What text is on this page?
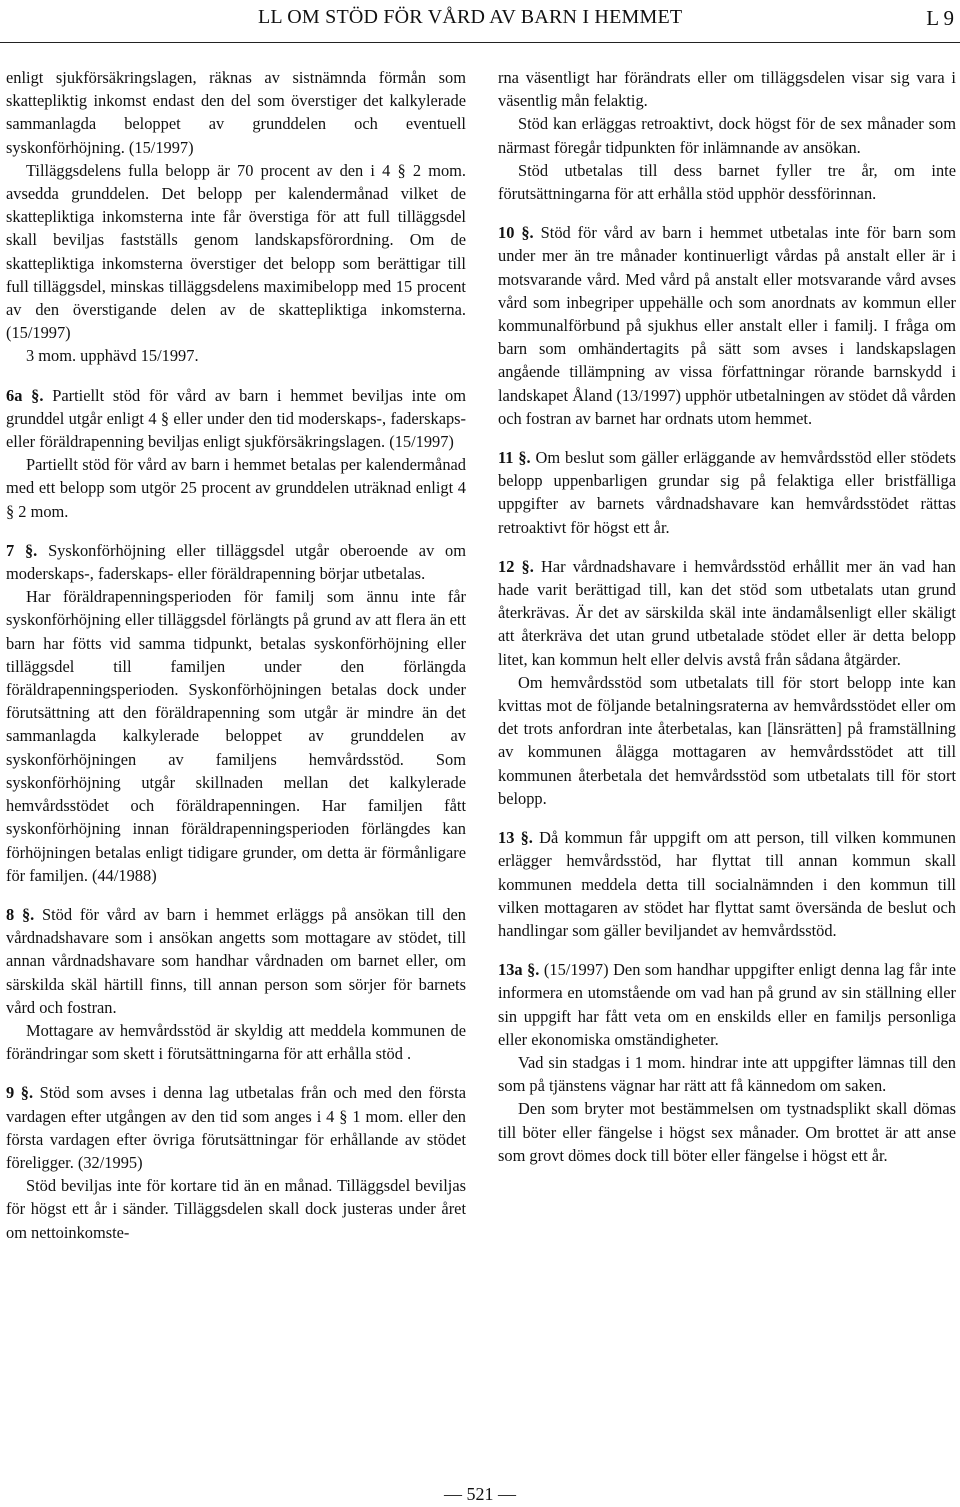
LL OM STÖD FÖR VÅRD AV BARN I HEMMET	L 9

enligt sjukförsäkringslagen, räknas av sistnämnda förmån som skattepliktig inkomst endast den del som överstiger det kalkylerade sammanlagda beloppet av grunddelen och eventuell syskonförhöjning. (15/1997)

Tilläggsdelens fulla belopp är 70 procent av den i 4 § 2 mom. avsedda grunddelen. Det belopp per kalendermånad vilket de skattepliktiga inkomsterna inte får överstiga för att full tilläggsdel skall beviljas fastställs genom landskapsförordning. Om de skattepliktiga inkomsterna överstiger det belopp som berättigar till full tilläggsdel, minskas tilläggsdelens maximibelopp med 15 procent av den överstigande delen av de skattepliktiga inkomsterna. (15/1997)

3 mom. upphävd 15/1997.

6a §. Partiellt stöd för vård av barn i hemmet beviljas inte om grunddel utgår enligt 4 § eller under den tid moderskaps-, faderskaps- eller föräldrapenning beviljas enligt sjukförsäkringslagen. (15/1997)

Partiellt stöd för vård av barn i hemmet betalas per kalendermånad med ett belopp som utgör 25 procent av grunddelen uträknad enligt 4 § 2 mom.

7 §. Syskonförhöjning eller tilläggsdel utgår oberoende av om moderskaps-, faderskaps- eller föräldrapenning börjar utbetalas.

Har föräldrapenningsperioden för familj som ännu inte får syskonförhöjning eller tilläggsdel förlängts på grund av att flera än ett barn har fötts vid samma tidpunkt, betalas syskonförhöjning eller tilläggsdel till familjen under den förlängda föräldrapenningsperioden. Syskonförhöjningen betalas dock under förutsättning att den föräldrapenning som utgår är mindre än det sammanlagda kalkylerade beloppet av grunddelen av syskonförhöjningen av familjens hemvårdsstöd. Som syskonförhöjning utgår skillnaden mellan det kalkylerade hemvårdsstödet och föräldrapenningen. Har familjen fått syskonförhöjning innan föräldrapenningsperioden förlängdes kan förhöjningen betalas enligt tidigare grunder, om detta är förmånligare för familjen. (44/1988)

8 §. Stöd för vård av barn i hemmet erläggs på ansökan till den vårdnadshavare som i ansökan angetts som mottagare av stödet, till annan vårdnadshavare som handhar vårdnaden om barnet eller, om särskilda skäl härtill finns, till annan person som sörjer för barnets vård och fostran.

Mottagare av hemvårdsstöd är skyldig att meddela kommunen de förändringar som skett i förutsättningarna för att erhålla stöd .

9 §. Stöd som avses i denna lag utbetalas från och med den första vardagen efter utgången av den tid som anges i 4 § 1 mom. eller den första vardagen efter övriga förutsättningar för erhållande av stödet föreligger. (32/1995)

Stöd beviljas inte för kortare tid än en månad. Tilläggsdel beviljas för högst ett år i sänder. Tilläggsdelen skall dock justeras under året om nettoinkomste-

rna väsentligt har förändrats eller om tilläggsdelen visar sig vara i väsentlig mån felaktig.

Stöd kan erläggas retroaktivt, dock högst för de sex månader som närmast föregår tidpunkten för inlämnande av ansökan.

Stöd utbetalas till dess barnet fyller tre år, om inte förutsättningarna för att erhålla stöd upphör dessförinnan.

10 §. Stöd för vård av barn i hemmet utbetalas inte för barn som under mer än tre månader kontinuerligt vårdas på anstalt eller är i motsvarande vård. Med vård på anstalt eller motsvarande vård avses vård som inbegriper uppehälle och som anordnats av kommun eller kommunalförbund på sjukhus eller anstalt eller i familj. I fråga om barn som omhändertagits på sätt som avses i landskapslagen angående tillämpning av vissa författningar rörande barnskydd i landskapet Åland (13/1997) upphör utbetalningen av stödet då vården och fostran av barnet har ordnats utom hemmet.

11 §. Om beslut som gäller erläggande av hemvårdsstöd eller stödets belopp uppenbarligen grundar sig på felaktiga eller bristfälliga uppgifter av barnets vårdnadshavare kan hemvårdsstödet rättas retroaktivt för högst ett år.

12 §. Har vårdnadshavare i hemvårdsstöd erhållit mer än vad han hade varit berättigad till, kan det stöd som utbetalats utan grund återkrävas. Är det av särskilda skäl inte ändamålsenligt eller skäligt att återkräva det utan grund utbetalade stödet eller är detta belopp litet, kan kommun helt eller delvis avstå från sådana åtgärder.

Om hemvårdsstöd som utbetalats till för stort belopp inte kan kvittas mot de följande betalningsraterna av hemvårdsstödet eller om det trots anfordran inte återbetalas, kan [länsrätten] på framställning av kommunen ålägga mottagaren av hemvårdsstödet att till kommunen återbetala det hemvårdsstöd som utbetalats till för stort belopp.

13 §. Då kommun får uppgift om att person, till vilken kommunen erlägger hemvårdsstöd, har flyttat till annan kommun skall kommunen meddela detta till socialnämnden i den kommun till vilken mottagaren av stödet har flyttat samt översända de beslut och handlingar som gäller beviljandet av hemvårdsstöd.

13a §. (15/1997) Den som handhar uppgifter enligt denna lag får inte informera en utomstående om vad han på grund av sin ställning eller sin uppgift har fått veta om en enskilds eller en familjs personliga eller ekonomiska omständigheter.

Vad sin stadgas i 1 mom. hindrar inte att uppgifter lämnas till den som på tjänstens vägnar har rätt att få kännedom om saken.

Den som bryter mot bestämmelsen om tystnadsplikt skall dömas till böter eller fängelse i högst sex månader. Om brottet är att anse som grovt dömes dock till böter eller fängelse i högst ett år.

— 521 —
